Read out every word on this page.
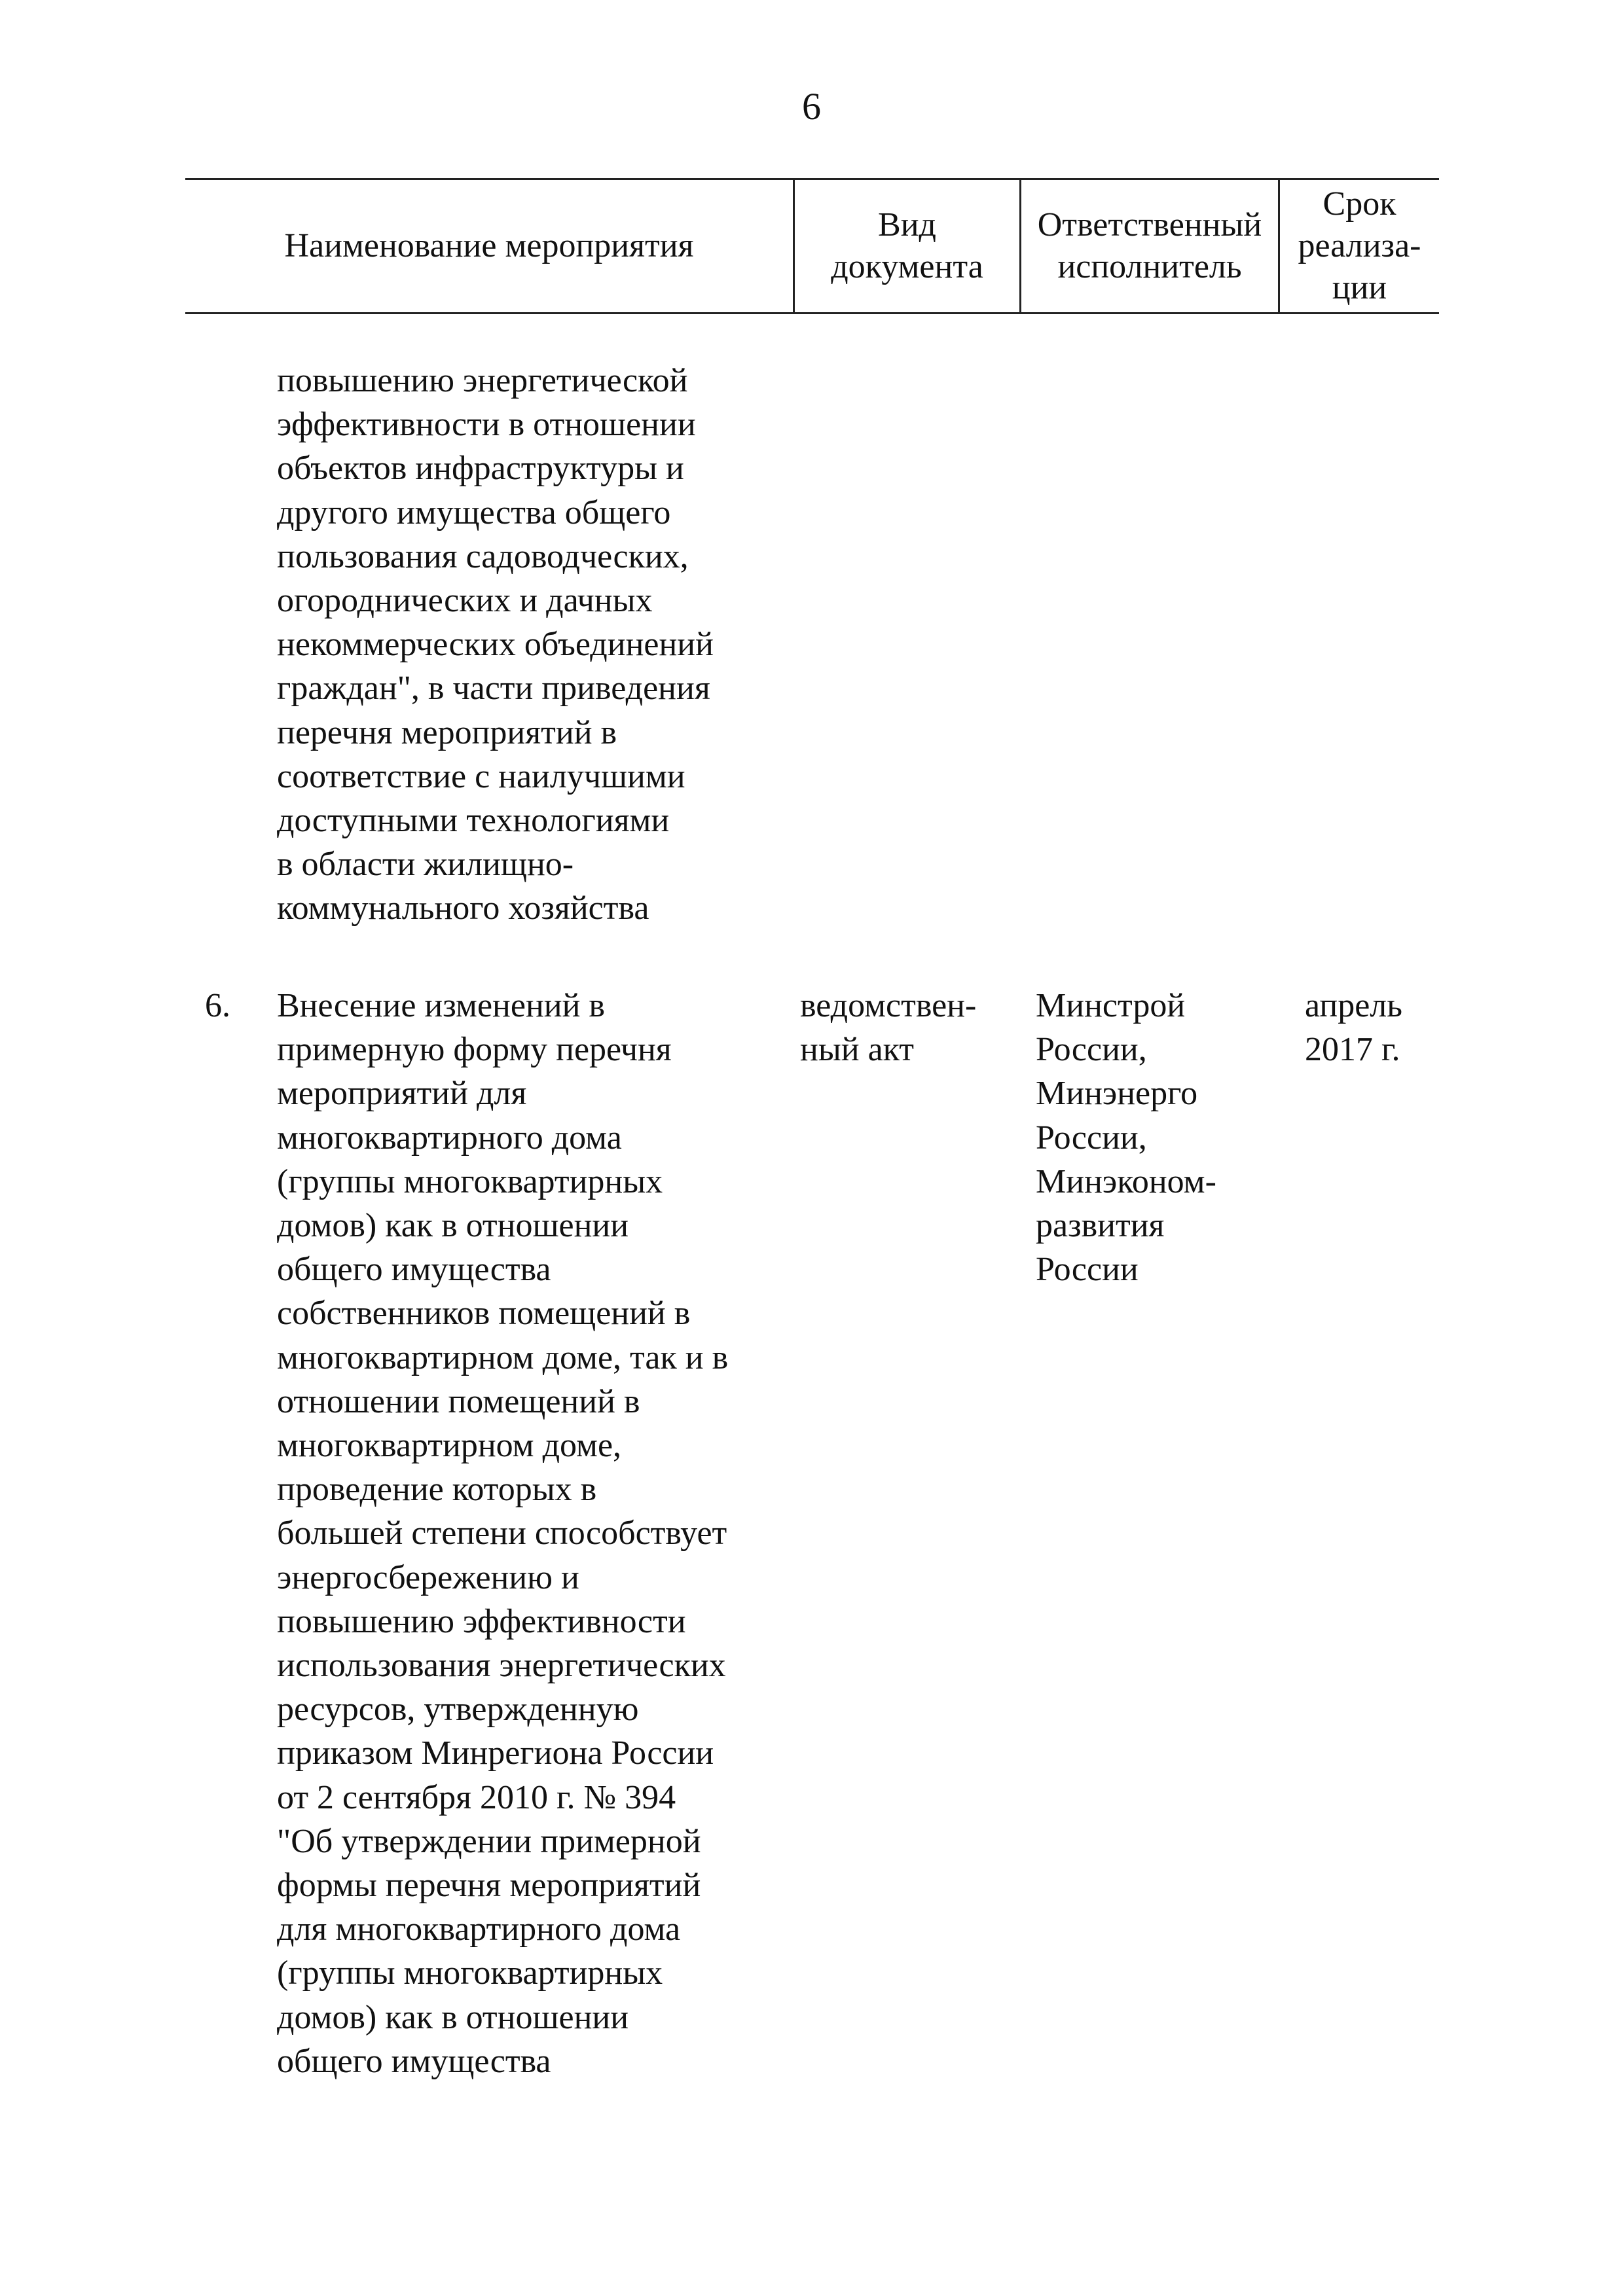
6
Наименование мероприятия
Вид
документа
Ответственный
исполнитель
Срок
реализа-
ции
повышению энергетической
эффективности в отношении
объектов инфраструктуры и
другого имущества общего
пользования садоводческих,
огороднических и дачных
некоммерческих объединений
граждан", в части приведения
перечня мероприятий в
соответствие с наилучшими
доступными технологиями
в области жилищно-
коммунального хозяйства
6. Внесение изменений в
примерную форму перечня
мероприятий для
многоквартирного дома
(группы многоквартирных
домов) как в отношении
общего имущества
собственников помещений в
многоквартирном доме, так и в
отношении помещений в
многоквартирном доме,
проведение которых в
большей степени способствует
энергосбережению и
повышению эффективности
использования энергетических
ресурсов, утвержденную
приказом Минрегиона России
от 2 сентября 2010 г. № 394
"Об утверждении примерной
формы перечня мероприятий
для многоквартирного дома
(группы многоквартирных
домов) как в отношении
общего имущества
ведомствен-
ный акт
Минстрой
России,
Минэнерго
России,
Минэконом-
развития
России
апрель
2017 г.
